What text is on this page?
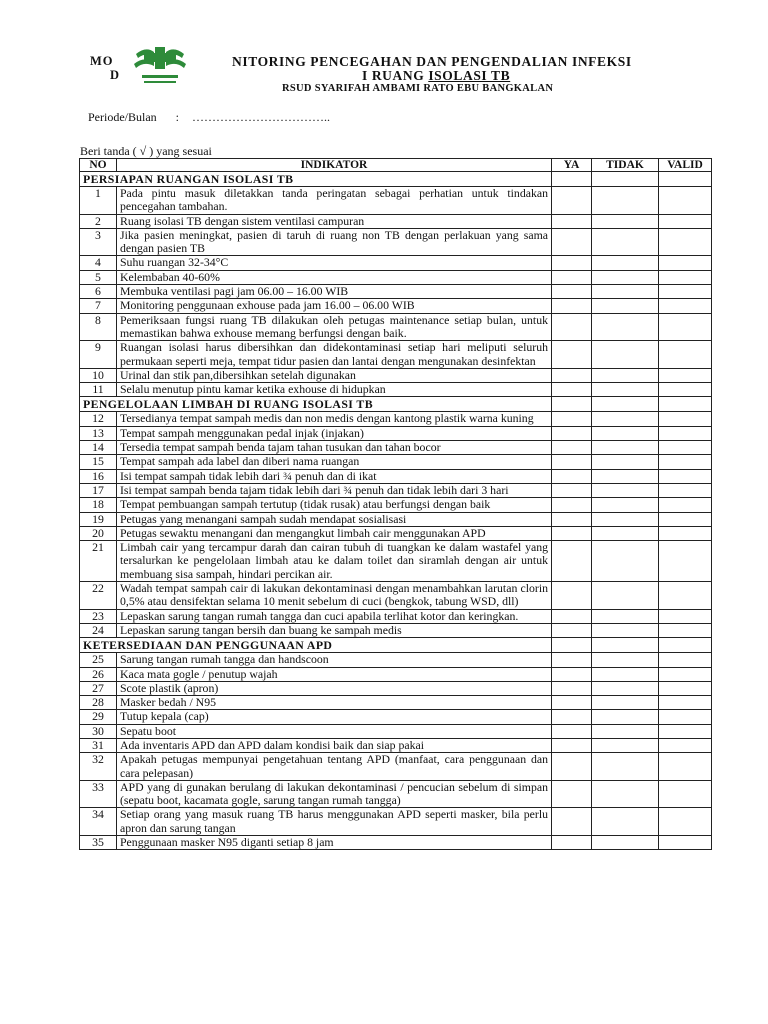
MO
D
NITORING PENCEGAHAN DAN PENGENDALIAN INFEKSI
I RUANG ISOLASI TB
RSUD SYARIFAH AMBAMI RATO EBU BANGKALAN
Periode/Bulan : ……………………………..
Beri tanda ( √ ) yang sesuai
NO	INDIKATOR	YA	TIDAK	VALID
PERSIAPAN RUANGAN ISOLASI TB				
1	Pada pintu masuk diletakkan tanda peringatan sebagai perhatian untuk tindakan pencegahan tambahan.			
2	Ruang isolasi TB dengan sistem ventilasi campuran			
3	Jika pasien meningkat, pasien di taruh di ruang non TB dengan perlakuan yang sama dengan pasien TB			
4	Suhu ruangan 32-34°C			
5	Kelembaban 40-60%			
6	Membuka ventilasi pagi jam 06.00 – 16.00 WIB			
7	Monitoring penggunaan exhouse pada jam 16.00 – 06.00 WIB			
8	Pemeriksaan fungsi ruang TB dilakukan oleh petugas maintenance setiap bulan, untuk memastikan bahwa exhouse memang berfungsi dengan baik.			
9	Ruangan isolasi harus dibersihkan dan didekontaminasi setiap hari meliputi seluruh permukaan seperti meja, tempat tidur pasien dan lantai dengan mengunakan desinfektan			
10	Urinal dan stik pan,dibersihkan setelah digunakan			
11	Selalu menutup pintu kamar ketika exhouse di hidupkan			
PENGELOLAAN LIMBAH DI RUANG ISOLASI TB				
12	Tersedianya tempat sampah medis dan non medis dengan kantong plastik warna kuning			
13	Tempat sampah menggunakan pedal injak (injakan)			
14	Tersedia tempat sampah benda tajam tahan tusukan dan tahan bocor			
15	Tempat sampah ada label dan diberi nama ruangan			
16	Isi tempat sampah tidak lebih dari ¾ penuh dan di ikat			
17	Isi tempat sampah benda tajam tidak lebih dari ¾ penuh dan tidak lebih dari 3 hari			
18	Tempat pembuangan sampah tertutup (tidak rusak) atau berfungsi dengan baik			
19	Petugas yang menangani sampah sudah mendapat sosialisasi			
20	Petugas sewaktu menangani dan mengangkut limbah cair menggunakan APD			
21	Limbah cair yang tercampur darah dan cairan tubuh di tuangkan ke dalam wastafel yang tersalurkan ke pengelolaan limbah atau ke dalam toilet dan siramlah dengan air untuk membuang sisa sampah, hindari percikan air.			
22	Wadah tempat sampah cair di lakukan dekontaminasi dengan menambahkan larutan clorin 0,5% atau densifektan selama 10 menit sebelum di cuci (bengkok, tabung WSD, dll)			
23	Lepaskan sarung tangan rumah tangga dan cuci apabila terlihat kotor dan keringkan.			
24	Lepaskan sarung tangan bersih dan buang ke sampah medis			
KETERSEDIAAN DAN PENGGUNAAN APD				
25	Sarung tangan rumah tangga dan handscoon			
26	Kaca mata gogle / penutup wajah			
27	Scote plastik (apron)			
28	Masker bedah / N95			
29	Tutup kepala (cap)			
30	Sepatu boot			
31	Ada inventaris APD dan APD dalam kondisi baik dan siap pakai			
32	Apakah petugas mempunyai pengetahuan tentang APD (manfaat, cara penggunaan dan cara pelepasan)			
33	APD yang di gunakan berulang di lakukan dekontaminasi / pencucian sebelum di simpan (sepatu boot, kacamata gogle, sarung tangan rumah tangga)			
34	Setiap orang yang masuk ruang TB harus menggunakan APD seperti masker, bila perlu apron dan sarung tangan			
35	Penggunaan masker N95 diganti setiap 8 jam			
